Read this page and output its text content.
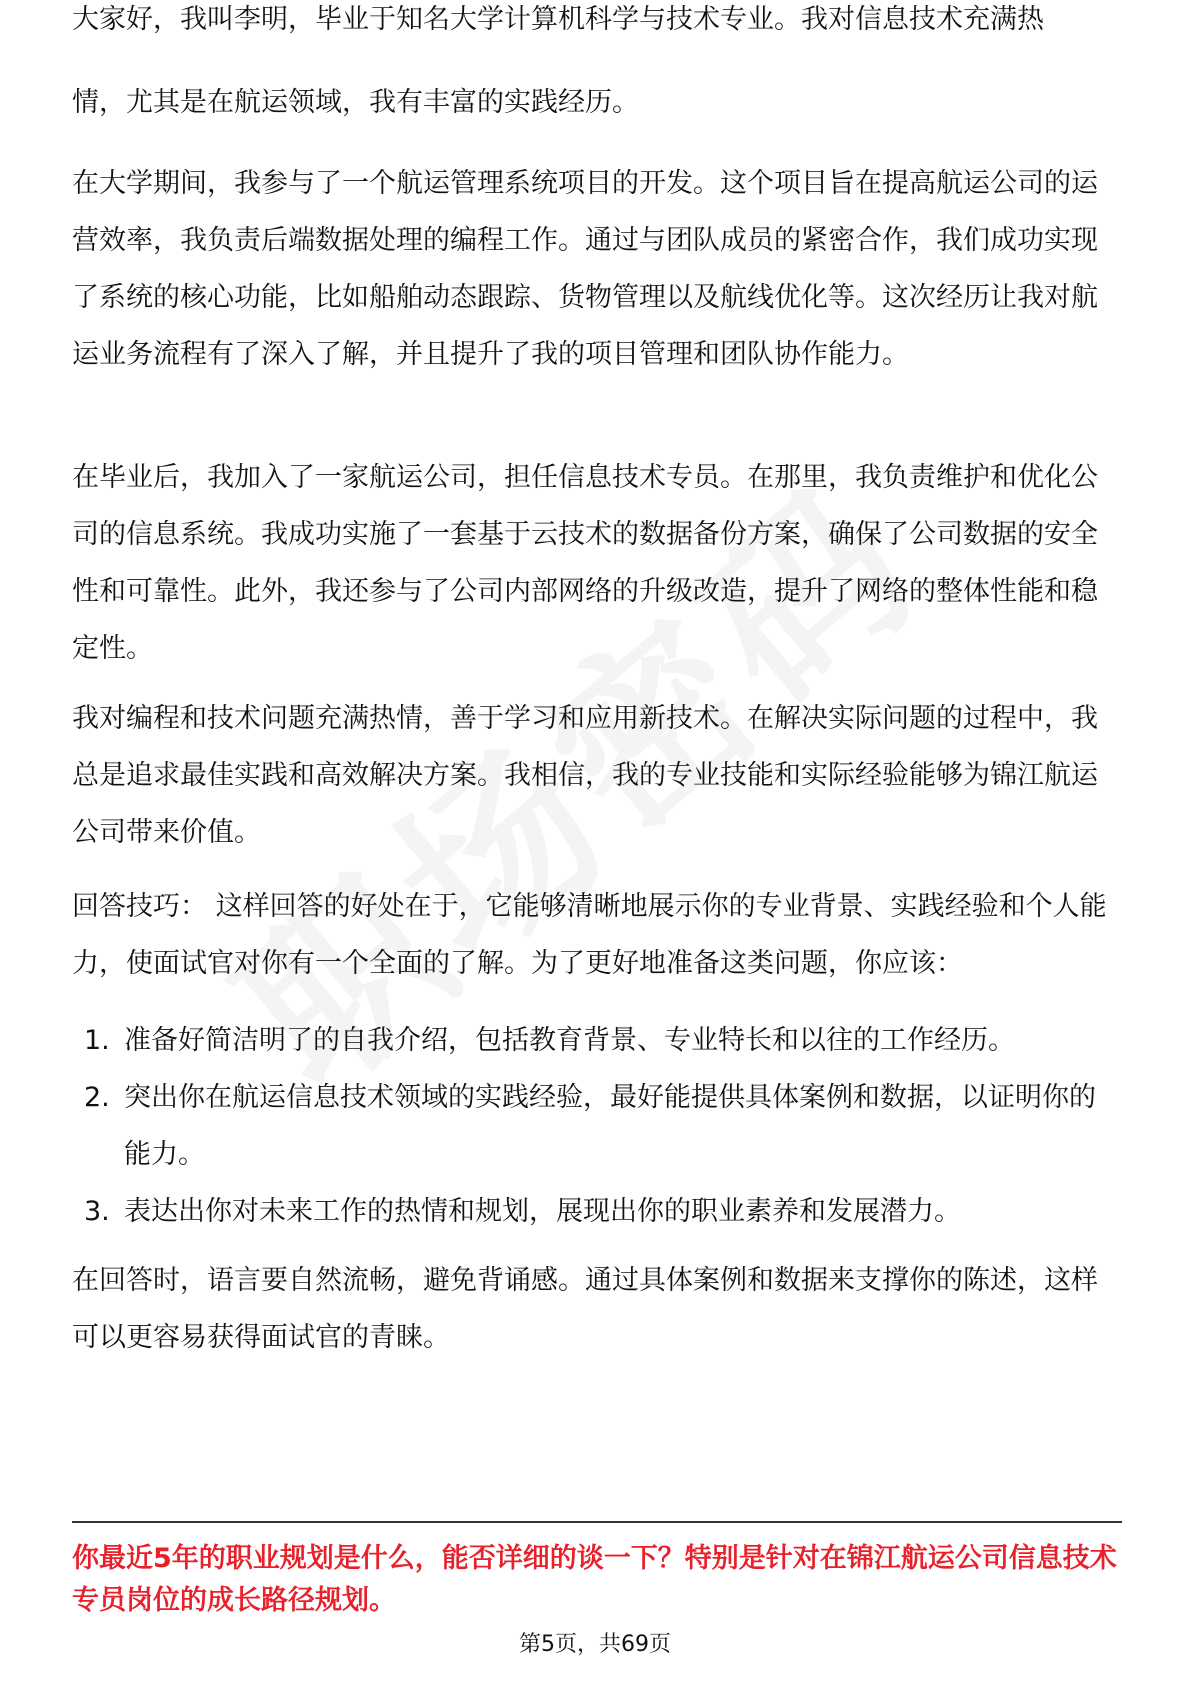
大家好，我叫李明，毕业于知名大学计算机科学与技术专业。我对信息技术充满热

情，尤其是在航运领域，我有丰富的实践经历。

在大学期间，我参与了一个航运管理系统项目的开发。这个项目旨在提高航运公司的运营效率，我负责后端数据处理的编程工作。通过与团队成员的紧密合作，我们成功实现了系统的核心功能，比如船舶动态跟踪、货物管理以及航线优化等。这次经历让我对航运业务流程有了深入了解，并且提升了我的项目管理和团队协作能力。

在毕业后，我加入了一家航运公司，担任信息技术专员。在那里，我负责维护和优化公司的信息系统。我成功实施了一套基于云技术的数据备份方案，确保了公司数据的安全性和可靠性。此外，我还参与了公司内部网络的升级改造，提升了网络的整体性能和稳定性。

我对编程和技术问题充满热情，善于学习和应用新技术。在解决实际问题的过程中，我总是追求最佳实践和高效解决方案。我相信，我的专业技能和实际经验能够为锦江航运公司带来价值。

回答技巧： 这样回答的好处在于，它能够清晰地展示你的专业背景、实践经验和个人能力，使面试官对你有一个全面的了解。为了更好地准备这类问题，你应该：

1. 准备好简洁明了的自我介绍，包括教育背景、专业特长和以往的工作经历。
2. 突出你在航运信息技术领域的实践经验，最好能提供具体案例和数据，以证明你的能力。
3. 表达出你对未来工作的热情和规划，展现出你的职业素养和发展潜力。

在回答时，语言要自然流畅，避免背诵感。通过具体案例和数据来支撑你的陈述，这样可以更容易获得面试官的青睐。

你最近5年的职业规划是什么，能否详细的谈一下？特别是针对在锦江航运公司信息技术专员岗位的成长路径规划。

第5页，共69页
